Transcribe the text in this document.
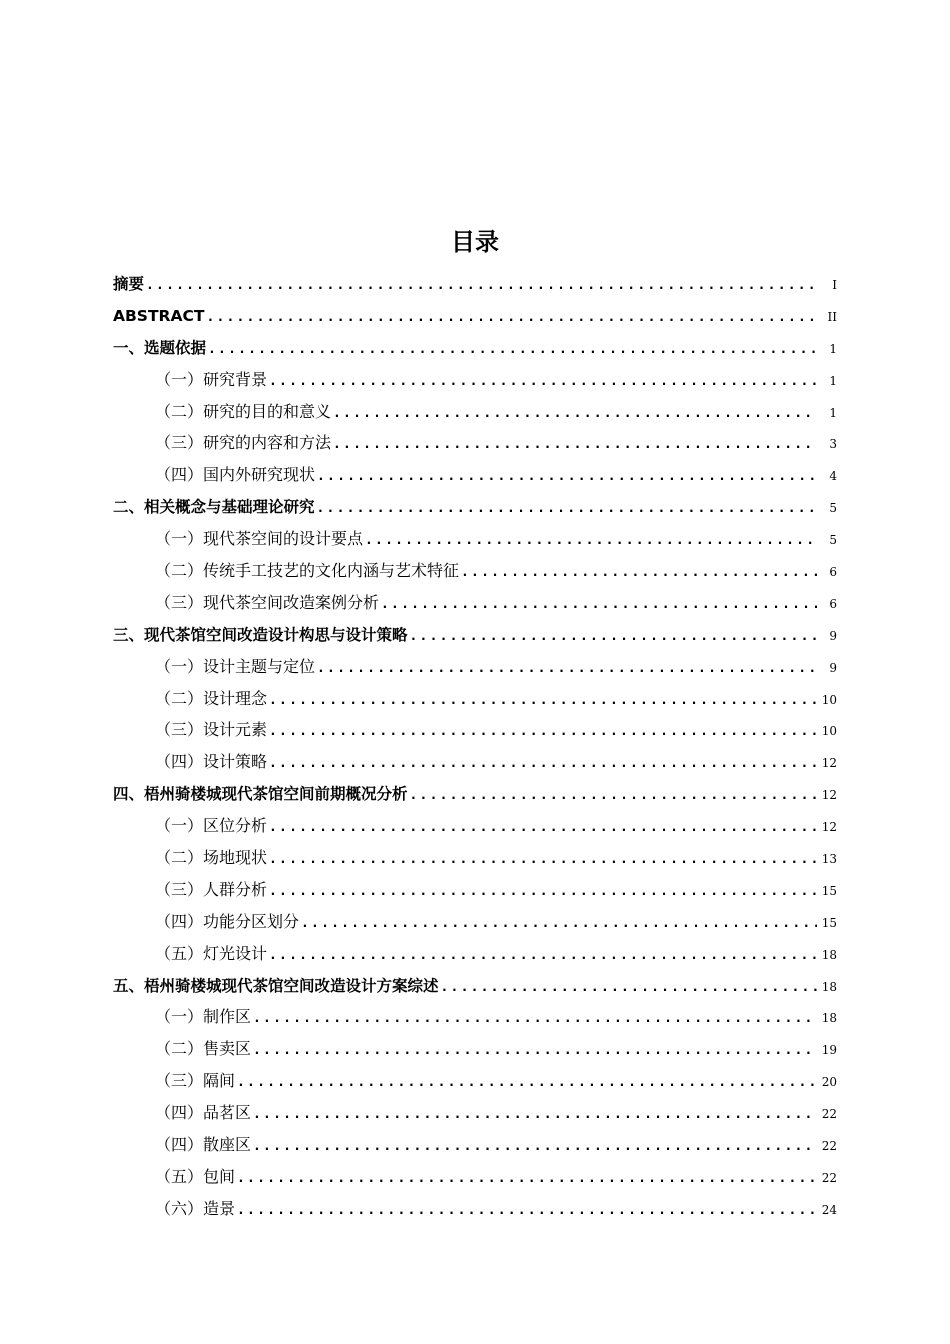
目录
摘要 .....	I
ABSTRACT .....	II
一、 选题依据 .....	1
（一） 研究背景 .....	1
（二） 研究的目的和意义 .....	1
（三） 研究的内容和方法 .....	3
（四） 国内外研究现状 .....	4
二、 相关概念与基础理论研究 .....	5
（一） 现代茶空间的设计要点 .....	5
（二） 传统手工技艺的文化内涵与艺术特征 .....	6
（三） 现代茶空间改造案例分析 .....	6
三、 现代茶馆空间改造设计构思与设计策略 .....	9
（一） 设计主题与定位 .....	9
（二） 设计理念 .....	10
（三） 设计元素 .....	10
（四） 设计策略 .....	12
四、 梧州骑楼城现代茶馆空间前期概况分析 .....	12
（一） 区位分析 .....	12
（二） 场地现状 .....	13
（三） 人群分析 .....	15
（四） 功能分区划分 .....	15
（五） 灯光设计 .....	18
五、 梧州骑楼城现代茶馆空间改造设计方案综述 .....	18
（一） 制作区 .....	18
（二） 售卖区 .....	19
（三） 隔间 .....	20
（四） 品茗区 .....	22
（四） 散座区 .....	22
（五） 包间 .....	22
（六） 造景 .....	24
